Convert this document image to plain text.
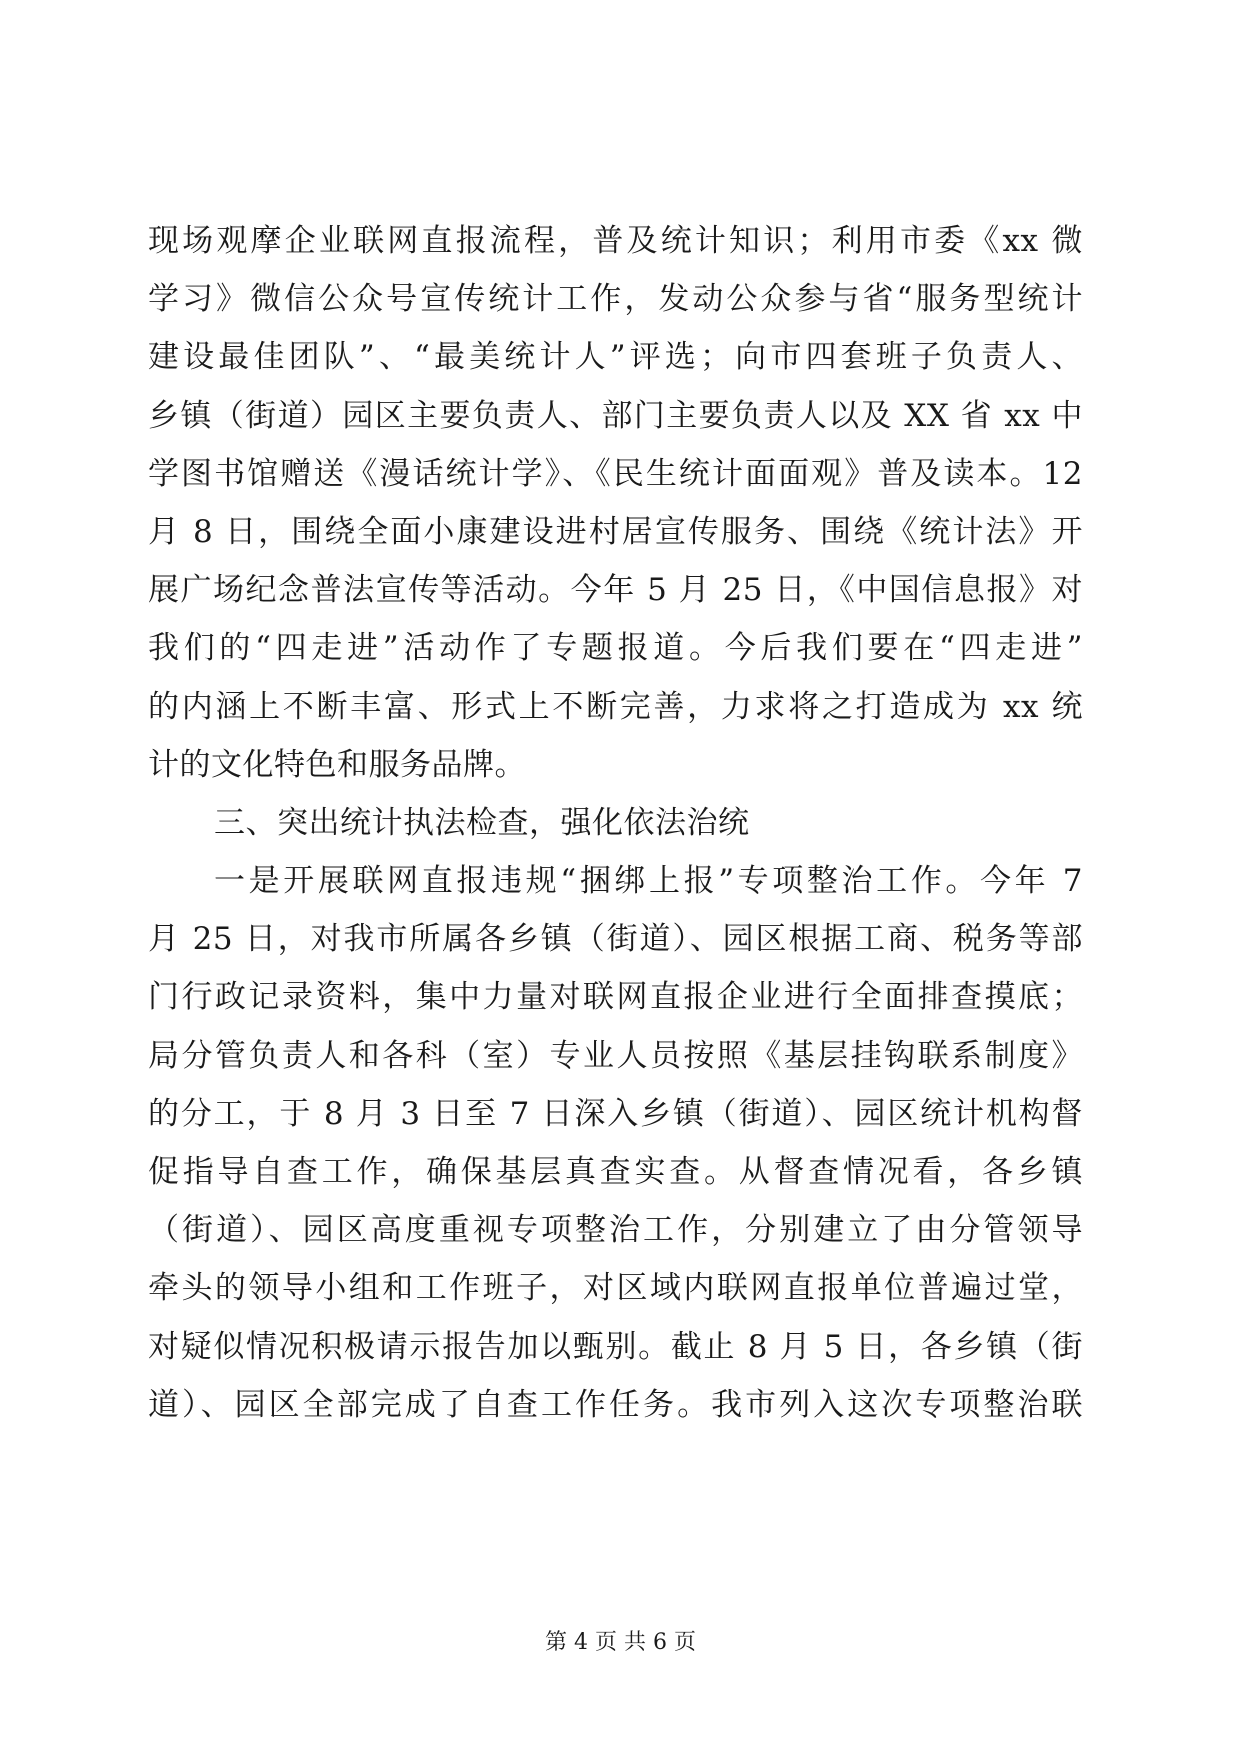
现场观摩企业联网直报流程，普及统计知识；利用市委《xx 微
学习》微信公众号宣传统计工作，发动公众参与省“服务型统计
建设最佳团队”、“最美统计人”评选；向市四套班子负责人、
乡镇（街道）园区主要负责人、部门主要负责人以及 XX 省 xx 中
学图书馆赠送《漫话统计学》、《民生统计面面观》普及读本。12
月 8 日，围绕全面小康建设进村居宣传服务、围绕《统计法》开
展广场纪念普法宣传等活动。今年 5 月 25 日，《中国信息报》对
我们的“四走进”活动作了专题报道。今后我们要在“四走进”
的内涵上不断丰富、形式上不断完善，力求将之打造成为 xx 统
计的文化特色和服务品牌。
三、突出统计执法检查，强化依法治统
一是开展联网直报违规“捆绑上报”专项整治工作。今年 7
月 25 日，对我市所属各乡镇（街道）、园区根据工商、税务等部
门行政记录资料，集中力量对联网直报企业进行全面排查摸底；
局分管负责人和各科（室）专业人员按照《基层挂钩联系制度》
的分工，于 8 月 3 日至 7 日深入乡镇（街道）、园区统计机构督
促指导自查工作，确保基层真查实查。从督查情况看，各乡镇
（街道）、园区高度重视专项整治工作，分别建立了由分管领导
牵头的领导小组和工作班子，对区域内联网直报单位普遍过堂，
对疑似情况积极请示报告加以甄别。截止 8 月 5 日，各乡镇（街
道）、园区全部完成了自查工作任务。我市列入这次专项整治联
第 4 页 共 6 页
